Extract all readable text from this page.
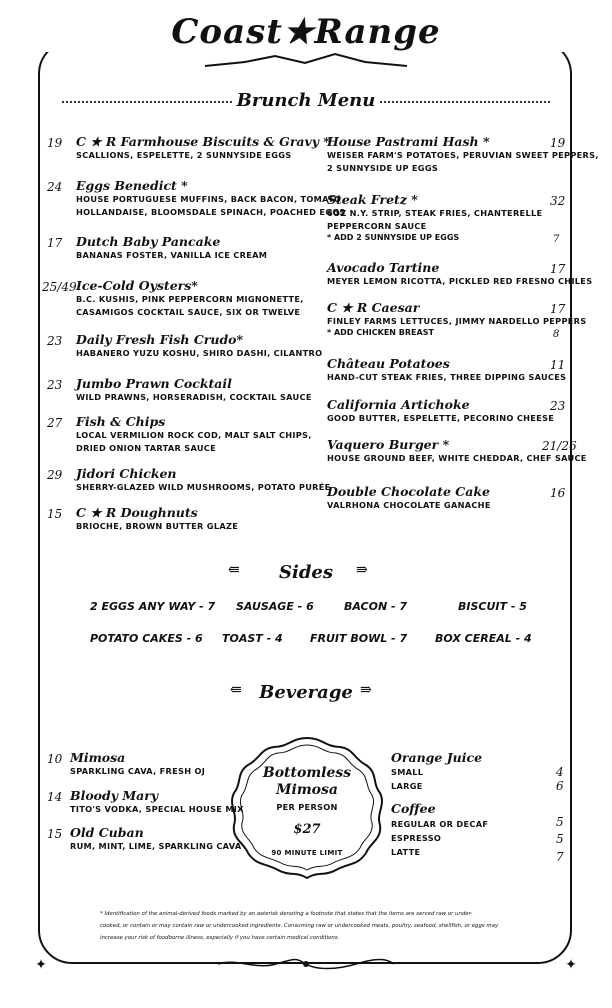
✦	✦
Coast★Range
Brunch Menu
19 C ★ R Farmhouse Biscuits & Gravy *
SCALLIONS, ESPELETTE, 2 SUNNYSIDE EGGS
24 Eggs Benedict *
HOUSE PORTUGUESE MUFFINS, BACK BACON, TOMATO
HOLLANDAISE, BLOOMSDALE SPINACH, POACHED EGGS
17 Dutch Baby Pancake
BANANAS FOSTER, VANILLA ICE CREAM
25/49 Ice-Cold Oysters*
B.C. KUSHIS, PINK PEPPERCORN MIGNONETTE,
CASAMIGOS COCKTAIL SAUCE, SIX OR TWELVE
23 Daily Fresh Fish Crudo*
HABANERO YUZU KOSHU, SHIRO DASHI, CILANTRO
23 Jumbo Prawn Cocktail
WILD PRAWNS, HORSERADISH, COCKTAIL SAUCE
27 Fish & Chips
LOCAL VERMILION ROCK COD, MALT SALT CHIPS,
DRIED ONION TARTAR SAUCE
29 Jidori Chicken
SHERRY-GLAZED WILD MUSHROOMS, POTATO PURÉE
15 C ★ R Doughnuts
BRIOCHE, BROWN BUTTER GLAZE
19
House Pastrami Hash *
WEISER FARM'S POTATOES, PERUVIAN SWEET PEPPERS,
2 SUNNYSIDE UP EGGS
32
Steak Fretz *
6OZ N.Y. STRIP, STEAK FRIES, CHANTERELLE
PEPPERCORN SAUCE
* ADD 2 SUNNYSIDE UP EGGS	7
17
Avocado Tartine
MEYER LEMON RICOTTA, PICKLED RED FRESNO CHILES
17
C ★ R Caesar
FINLEY FARMS LETTUCES, JIMMY NARDELLO PEPPERS
* ADD CHICKEN BREAST	8
11
Château Potatoes
HAND-CUT STEAK FRIES, THREE DIPPING SAUCES
23
California Artichoke
GOOD BUTTER, ESPELETTE, PECORINO CHEESE
21/26
Vaquero Burger *
HOUSE GROUND BEEF, WHITE CHEDDAR, CHEF SAUCE
16
Double Chocolate Cake
VALRHONA CHOCOLATE GANACHE
⇚	Sides	⇛
2 EGGS ANY WAY - 7 SAUSAGE - 6	BACON - 7	BISCUIT - 5
POTATO CAKES - 6 TOAST - 4 FRUIT BOWL - 7	BOX CEREAL - 4
⇚ Beverage ⇛
10 Mimosa
SPARKLING CAVA, FRESH OJ
14 Bloody Mary
TITO'S VODKA, SPECIAL HOUSE MIX
15 Old Cuban
RUM, MINT, LIME, SPARKLING CAVA
Bottomless
Mimosa
PER PERSON
$27
90 MINUTE LIMIT
Orange Juice
SMALL	4
LARGE	6
Coffee
REGULAR OR DECAF	5
ESPRESSO	5
LATTE	7
* Identification of the animal-derived foods marked by an asterisk denoting a footnote that states that the items are served raw or under-
cooked, or contain or may contain raw or undercooked ingredients. Consuming raw or undercooked meats, poultry, seafood, shellfish, or eggs may
increase your risk of foodborne illness, especially if you have certain medical conditions.
